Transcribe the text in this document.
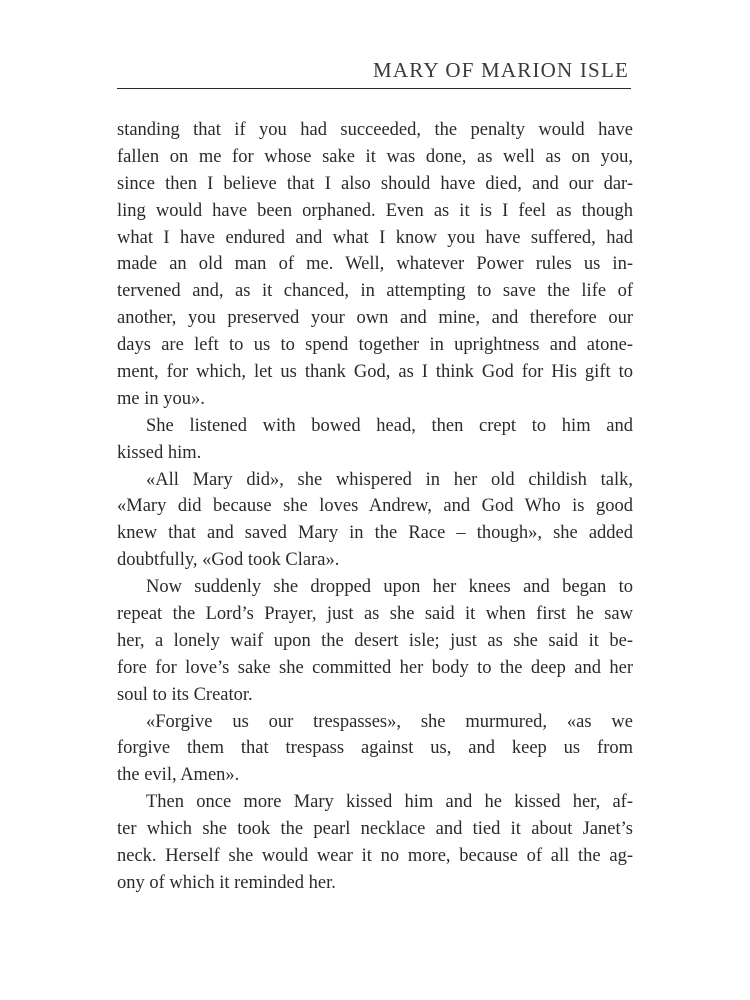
MARY OF MARION ISLE
standing that if you had succeeded, the penalty would have
fallen on me for whose sake it was done, as well as on you,
since then I believe that I also should have died, and our dar-
ling would have been orphaned. Even as it is I feel as though
what I have endured and what I know you have suffered, had
made an old man of me. Well, whatever Power rules us in-
tervened and, as it chanced, in attempting to save the life of
another, you preserved your own and mine, and therefore our
days are left to us to spend together in uprightness and atone-
ment, for which, let us thank God, as I think God for His gift to
me in you».
She listened with bowed head, then crept to him and
kissed him.
«All Mary did», she whispered in her old childish talk,
«Mary did because she loves Andrew, and God Who is good
knew that and saved Mary in the Race – though», she added
doubtfully, «God took Clara».
Now suddenly she dropped upon her knees and began to
repeat the Lord’s Prayer, just as she said it when first he saw
her, a lonely waif upon the desert isle; just as she said it be-
fore for love’s sake she committed her body to the deep and her
soul to its Creator.
«Forgive us our trespasses», she murmured, «as we
forgive them that trespass against us, and keep us from
the evil, Amen».
Then once more Mary kissed him and he kissed her, af-
ter which she took the pearl necklace and tied it about Janet’s
neck. Herself she would wear it no more, because of all the ag-
ony of which it reminded her.
